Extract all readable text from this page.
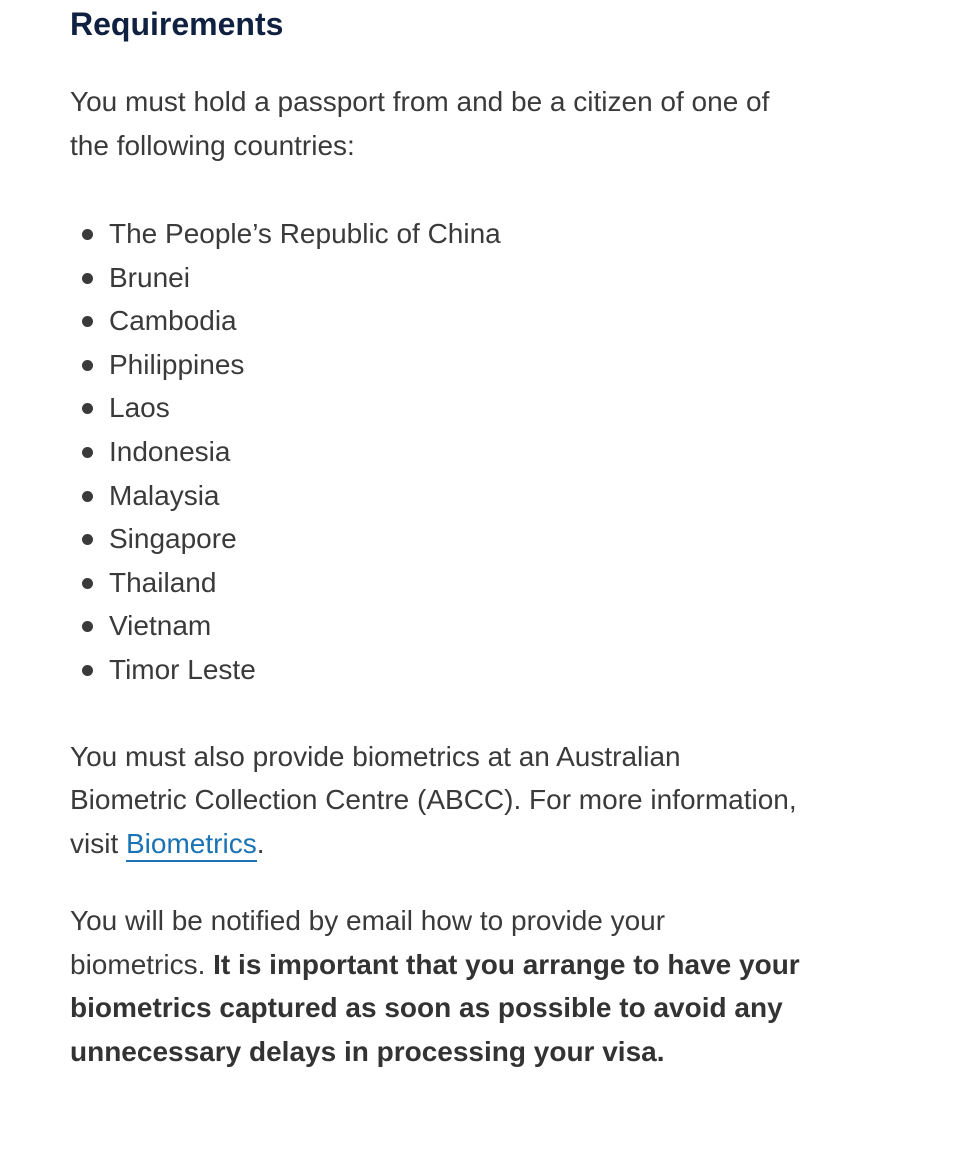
Requirements

You must hold a passport from and be a citizen of one of the following countries:

The People’s Republic of China
Brunei
Cambodia
Philippines
Laos
Indonesia
Malaysia
Singapore
Thailand
Vietnam
Timor Leste

You must also provide biometrics at an Australian Biometric Collection Centre (ABCC). For more information, visit Biometrics.

You will be notified by email how to provide your biometrics. It is important that you arrange to have your biometrics captured as soon as possible to avoid any unnecessary delays in processing your visa.
